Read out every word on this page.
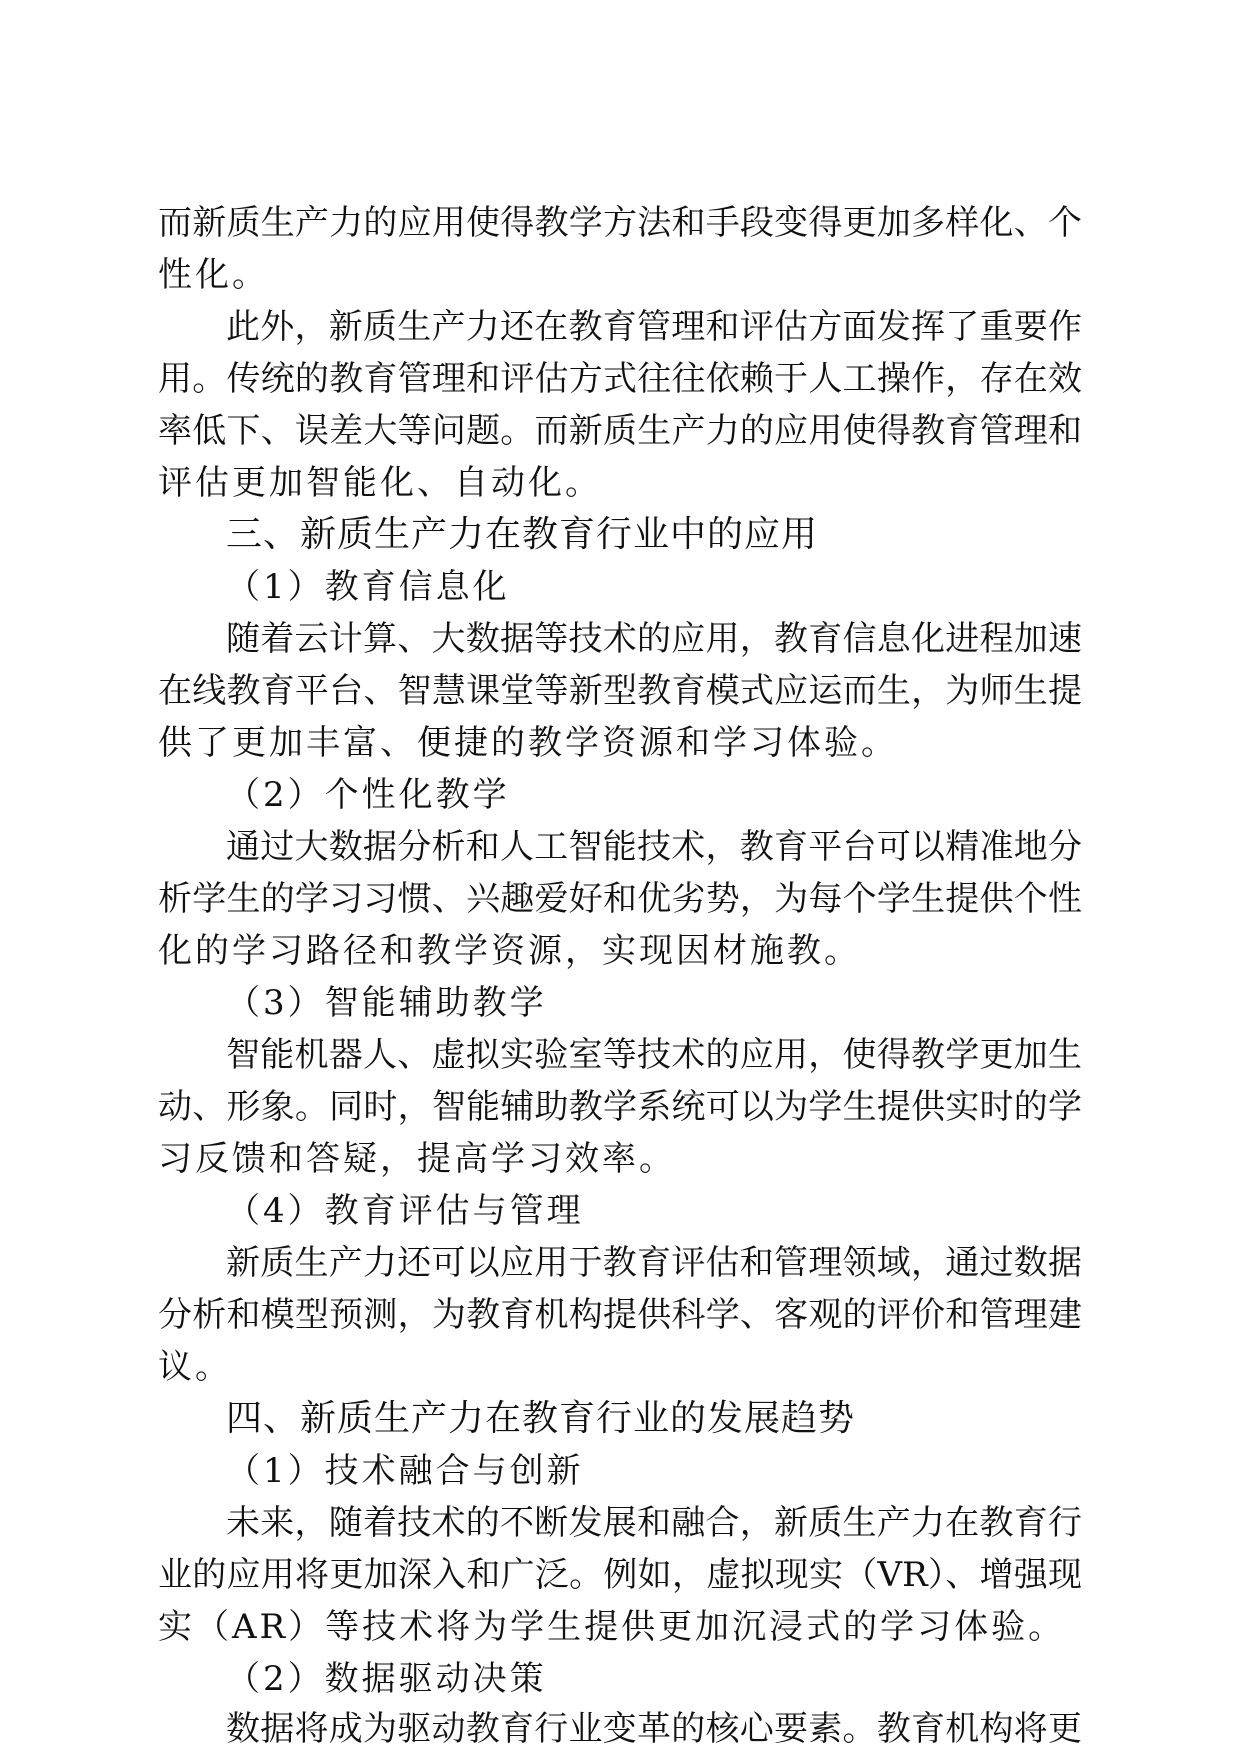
而新质生产力的应用使得教学方法和手段变得更加多样化、个
性化。
此外，新质生产力还在教育管理和评估方面发挥了重要作
用。传统的教育管理和评估方式往往依赖于人工操作，存在效
率低下、误差大等问题。而新质生产力的应用使得教育管理和
评估更加智能化、自动化。
三、新质生产力在教育行业中的应用
（1）教育信息化
随着云计算、大数据等技术的应用，教育信息化进程加速
在线教育平台、智慧课堂等新型教育模式应运而生，为师生提
供了更加丰富、便捷的教学资源和学习体验。
（2）个性化教学
通过大数据分析和人工智能技术，教育平台可以精准地分
析学生的学习习惯、兴趣爱好和优劣势，为每个学生提供个性
化的学习路径和教学资源，实现因材施教。
（3）智能辅助教学
智能机器人、虚拟实验室等技术的应用，使得教学更加生
动、形象。同时，智能辅助教学系统可以为学生提供实时的学
习反馈和答疑，提高学习效率。
（4）教育评估与管理
新质生产力还可以应用于教育评估和管理领域，通过数据
分析和模型预测，为教育机构提供科学、客观的评价和管理建
议。
四、新质生产力在教育行业的发展趋势
（1）技术融合与创新
未来，随着技术的不断发展和融合，新质生产力在教育行
业的应用将更加深入和广泛。例如，虚拟现实（VR）、增强现
实（AR）等技术将为学生提供更加沉浸式的学习体验。
（2）数据驱动决策
数据将成为驱动教育行业变革的核心要素。教育机构将更
